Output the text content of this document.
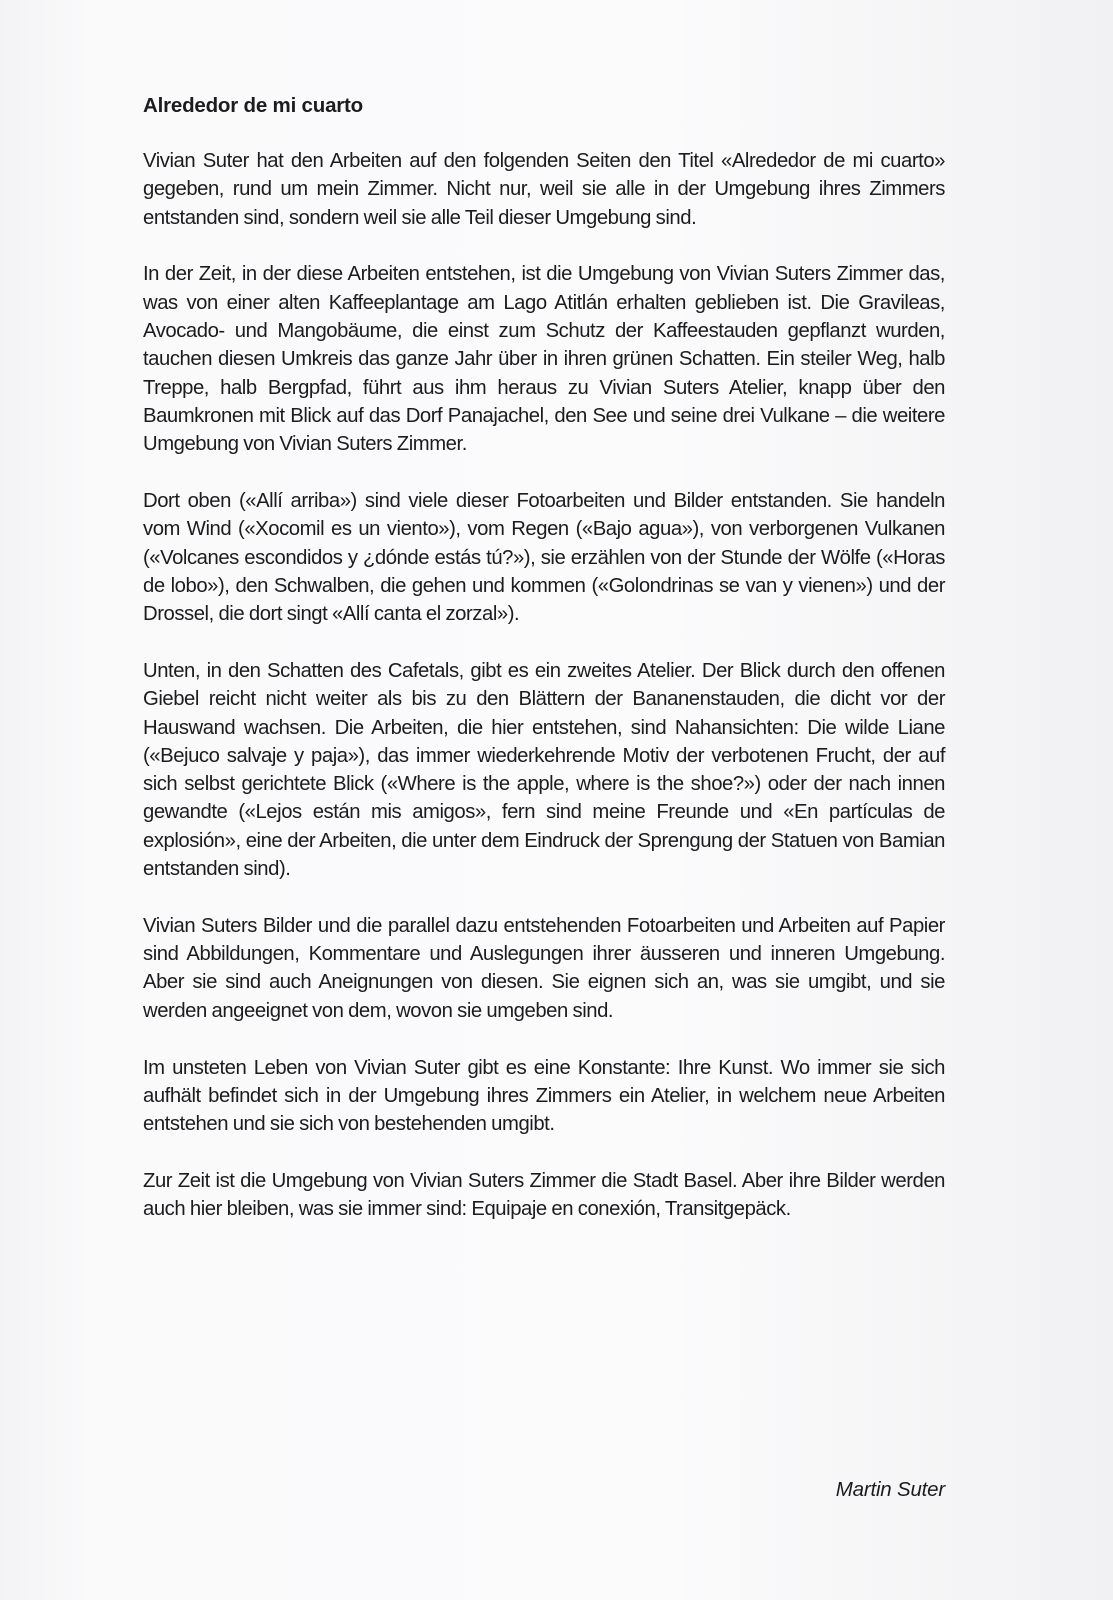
Alrededor de mi cuarto

Vivian Suter hat den Arbeiten auf den folgenden Seiten den Titel «Alrededor de mi cuarto» gegeben, rund um mein Zimmer. Nicht nur, weil sie alle in der Umgebung ihres Zimmers entstanden sind, sondern weil sie alle Teil dieser Umgebung sind.

In der Zeit, in der diese Arbeiten entstehen, ist die Umgebung von Vivian Suters Zimmer das, was von einer alten Kaffeeplantage am Lago Atitlán erhalten geblieben ist. Die Gravileas, Avocado- und Mangobäume, die einst zum Schutz der Kaffeestauden gepflanzt wurden, tauchen diesen Umkreis das ganze Jahr über in ihren grünen Schatten. Ein steiler Weg, halb Treppe, halb Bergpfad, führt aus ihm heraus zu Vivian Suters Atelier, knapp über den Baumkronen mit Blick auf das Dorf Panajachel, den See und seine drei Vulkane – die weitere Umgebung von Vivian Suters Zimmer.

Dort oben («Allí arriba») sind viele dieser Fotoarbeiten und Bilder entstanden. Sie handeln vom Wind («Xocomil es un viento»), vom Regen («Bajo agua»), von verborgenen Vulkanen («Volcanes escondidos y ¿dónde estás tú?»), sie erzählen von der Stunde der Wölfe («Horas de lobo»), den Schwalben, die gehen und kommen («Golondrinas se van y vienen») und der Drossel, die dort singt «Allí canta el zorzal»).

Unten, in den Schatten des Cafetals, gibt es ein zweites Atelier. Der Blick durch den offenen Giebel reicht nicht weiter als bis zu den Blättern der Bananenstauden, die dicht vor der Hauswand wachsen. Die Arbeiten, die hier entstehen, sind Nahansichten: Die wilde Liane («Bejuco salvaje y paja»), das immer wiederkehrende Motiv der verbotenen Frucht, der auf sich selbst gerichtete Blick («Where is the apple, where is the shoe?») oder der nach innen gewandte («Lejos están mis amigos», fern sind meine Freunde und «En partículas de explosión», eine der Arbeiten, die unter dem Eindruck der Sprengung der Statuen von Bamian entstanden sind).

Vivian Suters Bilder und die parallel dazu entstehenden Fotoarbeiten und Arbeiten auf Papier sind Abbildungen, Kommentare und Auslegungen ihrer äusseren und inneren Umgebung. Aber sie sind auch Aneignungen von diesen. Sie eignen sich an, was sie umgibt, und sie werden angeeignet von dem, wovon sie umgeben sind.

Im unsteten Leben von Vivian Suter gibt es eine Konstante: Ihre Kunst. Wo immer sie sich aufhält befindet sich in der Umgebung ihres Zimmers ein Atelier, in welchem neue Arbeiten entstehen und sie sich von bestehenden umgibt.

Zur Zeit ist die Umgebung von Vivian Suters Zimmer die Stadt Basel. Aber ihre Bilder werden auch hier bleiben, was sie immer sind: Equipaje en conexión, Transitgepäck.

Martin Suter
